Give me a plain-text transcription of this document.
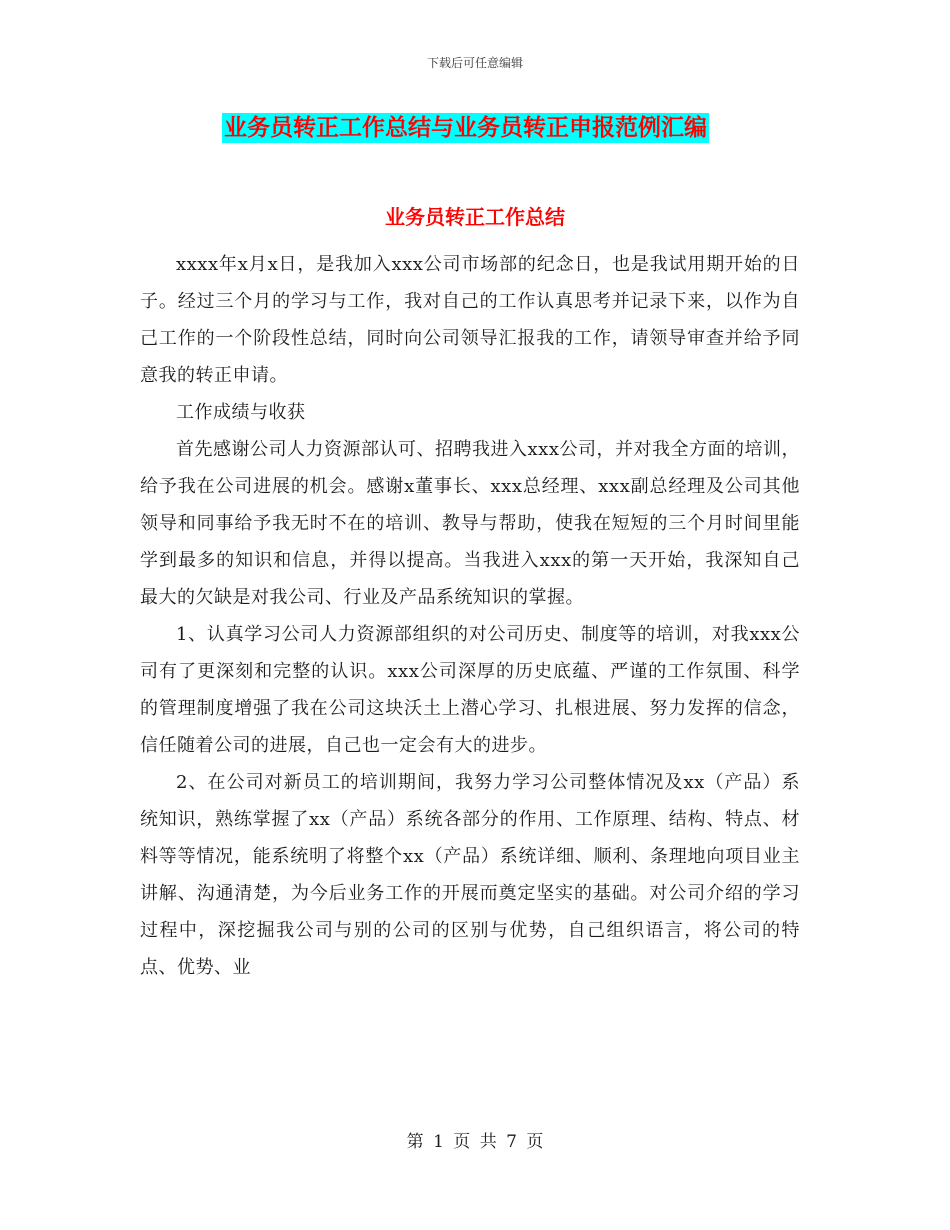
下载后可任意编辑
业务员转正工作总结与业务员转正申报范例汇编
业务员转正工作总结

xxxx年x月x日，是我加入xxx公司市场部的纪念日，也是我试用期开始的日子。经过三个月的学习与工作，我对自己的工作认真思考并记录下来，以作为自己工作的一个阶段性总结，同时向公司领导汇报我的工作，请领导审查并给予同意我的转正申请。

工作成绩与收获

首先感谢公司人力资源部认可、招聘我进入xxx公司，并对我全方面的培训，给予我在公司进展的机会。感谢x董事长、xxx总经理、xxx副总经理及公司其他领导和同事给予我无时不在的培训、教导与帮助，使我在短短的三个月时间里能学到最多的知识和信息，并得以提高。当我进入xxx的第一天开始，我深知自己最大的欠缺是对我公司、行业及产品系统知识的掌握。

1、认真学习公司人力资源部组织的对公司历史、制度等的培训，对我xxx公司有了更深刻和完整的认识。xxx公司深厚的历史底蕴、严谨的工作氛围、科学的管理制度增强了我在公司这块沃土上潜心学习、扎根进展、努力发挥的信念，信任随着公司的进展，自己也一定会有大的进步。

2、在公司对新员工的培训期间，我努力学习公司整体情况及xx（产品）系统知识，熟练掌握了xx（产品）系统各部分的作用、工作原理、结构、特点、材料等等情况，能系统明了将整个xx（产品）系统详细、顺利、条理地向项目业主讲解、沟通清楚，为今后业务工作的开展而奠定坚实的基础。对公司介绍的学习过程中，深挖掘我公司与别的公司的区别与优势，自己组织语言，将公司的特点、优势、业

第 1 页 共 7 页
